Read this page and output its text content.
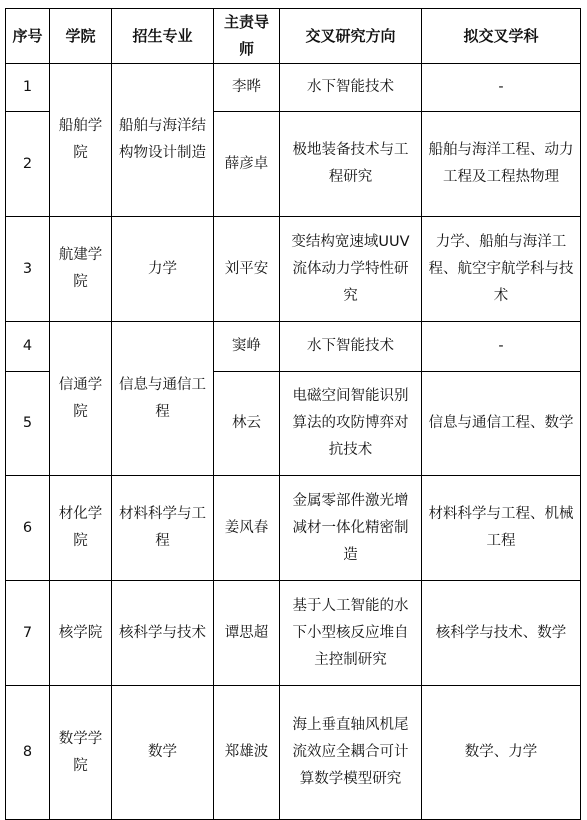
序号	学院	招生专业	主责导师	交叉研究方向	拟交叉学科
1	船舶学院	船舶与海洋结构物设计制造	李晔	水下智能技术	-
2			薛彦卓	极地装备技术与工程研究	船舶与海洋工程、动力工程及工程热物理
3	航建学院	力学	刘平安	变结构宽速域UUV流体动力学特性研究	力学、船舶与海洋工程、航空宇航学科与技术
4	信通学院	信息与通信工程	窦峥	水下智能技术	-
5			林云	电磁空间智能识别算法的攻防博弈对抗技术	信息与通信工程、数学
6	材化学院	材料科学与工程	姜风春	金属零部件激光增减材一体化精密制造	材料科学与工程、机械工程
7	核学院	核科学与技术	谭思超	基于人工智能的水下小型核反应堆自主控制研究	核科学与技术、数学
8	数学学院	数学	郑雄波	海上垂直轴风机尾流效应全耦合可计算数学模型研究	数学、力学
